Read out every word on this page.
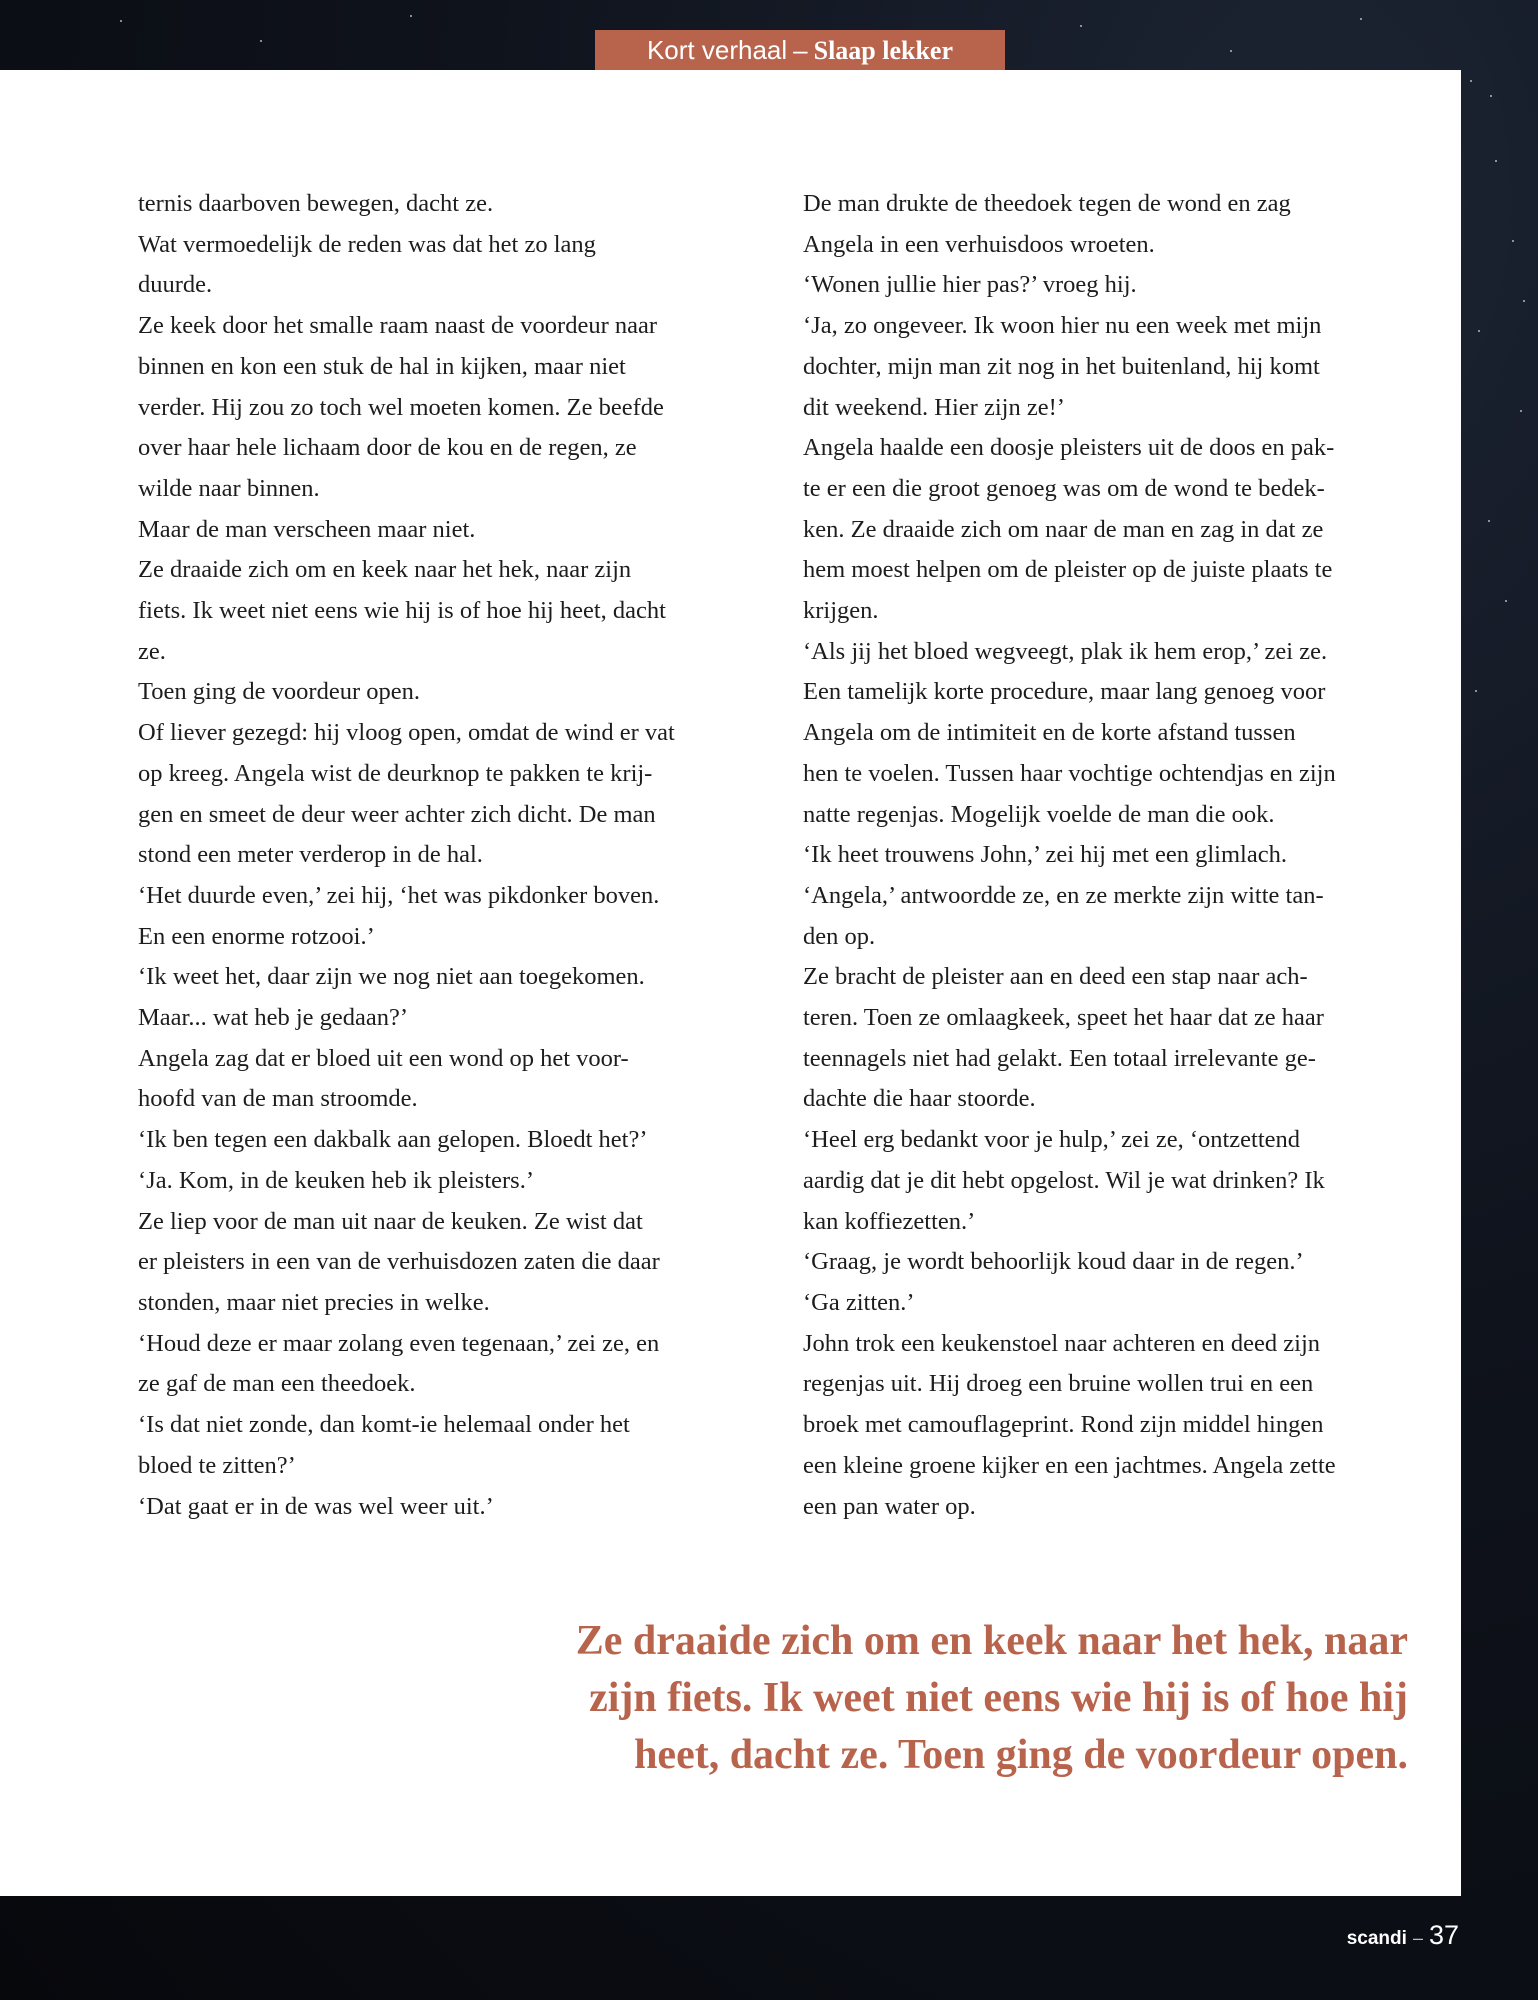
Kort verhaal – Slaap lekker
ternis daarboven bewegen, dacht ze.
Wat vermoedelijk de reden was dat het zo lang
duurde.
Ze keek door het smalle raam naast de voordeur naar
binnen en kon een stuk de hal in kijken, maar niet
verder. Hij zou zo toch wel moeten komen. Ze beefde
over haar hele lichaam door de kou en de regen, ze
wilde naar binnen.
Maar de man verscheen maar niet.
Ze draaide zich om en keek naar het hek, naar zijn
fiets. Ik weet niet eens wie hij is of hoe hij heet, dacht
ze.
Toen ging de voordeur open.
Of liever gezegd: hij vloog open, omdat de wind er vat
op kreeg. Angela wist de deurknop te pakken te krij-
gen en smeet de deur weer achter zich dicht. De man
stond een meter verderop in de hal.
‘Het duurde even,’ zei hij, ‘het was pikdonker boven.
En een enorme rotzooi.’
‘Ik weet het, daar zijn we nog niet aan toegekomen.
Maar... wat heb je gedaan?’
Angela zag dat er bloed uit een wond op het voor-
hoofd van de man stroomde.
‘Ik ben tegen een dakbalk aan gelopen. Bloedt het?’
‘Ja. Kom, in de keuken heb ik pleisters.’
Ze liep voor de man uit naar de keuken. Ze wist dat
er pleisters in een van de verhuisdozen zaten die daar
stonden, maar niet precies in welke.
‘Houd deze er maar zolang even tegenaan,’ zei ze, en
ze gaf de man een theedoek.
‘Is dat niet zonde, dan komt-ie helemaal onder het
bloed te zitten?’
‘Dat gaat er in de was wel weer uit.’
De man drukte de theedoek tegen de wond en zag
Angela in een verhuisdoos wroeten.
‘Wonen jullie hier pas?’ vroeg hij.
‘Ja, zo ongeveer. Ik woon hier nu een week met mijn
dochter, mijn man zit nog in het buitenland, hij komt
dit weekend. Hier zijn ze!’
Angela haalde een doosje pleisters uit de doos en pak-
te er een die groot genoeg was om de wond te bedek-
ken. Ze draaide zich om naar de man en zag in dat ze
hem moest helpen om de pleister op de juiste plaats te
krijgen.
‘Als jij het bloed wegveegt, plak ik hem erop,’ zei ze.
Een tamelijk korte procedure, maar lang genoeg voor
Angela om de intimiteit en de korte afstand tussen
hen te voelen. Tussen haar vochtige ochtendjas en zijn
natte regenjas. Mogelijk voelde de man die ook.
‘Ik heet trouwens John,’ zei hij met een glimlach.
‘Angela,’ antwoordde ze, en ze merkte zijn witte tan-
den op.
Ze bracht de pleister aan en deed een stap naar ach-
teren. Toen ze omlaagkeek, speet het haar dat ze haar
teennagels niet had gelakt. Een totaal irrelevante ge-
dachte die haar stoorde.
‘Heel erg bedankt voor je hulp,’ zei ze, ‘ontzettend
aardig dat je dit hebt opgelost. Wil je wat drinken? Ik
kan koffiezetten.’
‘Graag, je wordt behoorlijk koud daar in de regen.’
‘Ga zitten.’
John trok een keukenstoel naar achteren en deed zijn
regenjas uit. Hij droeg een bruine wollen trui en een
broek met camouflageprint. Rond zijn middel hingen
een kleine groene kijker en een jachtmes. Angela zette
een pan water op.
Ze draaide zich om en keek naar het hek, naar
zijn fiets. Ik weet niet eens wie hij is of hoe hij
heet, dacht ze. Toen ging de voordeur open.
scandi – 37
